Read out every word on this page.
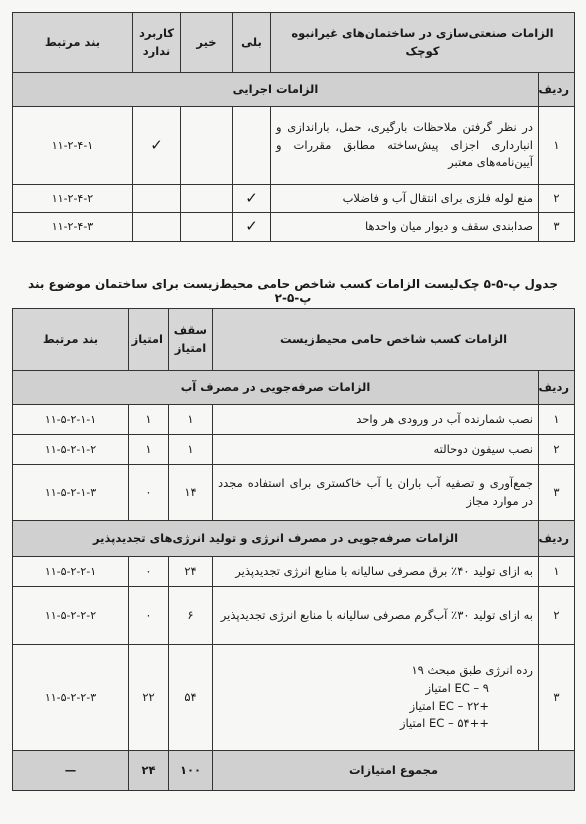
الزامات صنعتی‌سازی در ساختمان‌های غیرانبوه کوچک		بلی	خیر	کاربرد ندارد	بند مرتبط
ردیف	الزامات اجرایی				
۱	در نظر گرفتن ملاحظات بارگیری، حمل، باراندازی و انبارداری اجزای پیش‌ساخته مطابق مقررات و آیین‌نامه‌های معتبر			✓	۱۱-۲-۴-۱
۲	منع لوله فلزی برای انتقال آب و فاضلاب	✓			۱۱-۲-۴-۲
۳	صدابندی سقف و دیوار میان واحدها	✓			۱۱-۲-۴-۳
جدول پ-۵-۵ چک‌لیست الزامات کسب شاخص حامی محیط‌زیست برای ساختمان موضوع بند پ-۵-۲
الزامات کسب شاخص حامی محیط‌زیست		سقف امتیاز	امتیاز	بند مرتبط
ردیف	الزامات صرفه‌جویی در مصرف آب			
۱	نصب شمارنده آب در ورودی هر واحد	۱	۱	۱۱-۵-۲-۱-۱
۲	نصب سیفون دوحالته	۱	۱	۱۱-۵-۲-۱-۲
۳	جمع‌آوری و تصفیه آب باران یا آب خاکستری برای استفاده مجدد در موارد مجاز	۱۴	۰	۱۱-۵-۲-۱-۳
ردیف	الزامات صرفه‌جویی در مصرف انرژی و تولید انرژی‌های تجدیدپذیر			
۱	به ازای تولید ۴۰٪ برق مصرفی سالیانه با منابع انرژی تجدیدپذیر	۲۴	۰	۱۱-۵-۲-۲-۱
۲	به ازای تولید ۳۰٪ آب‌گرم مصرفی سالیانه با منابع انرژی تجدیدپذیر	۶	۰	۱۱-۵-۲-۲-۲
۳	رده انرژی طبق مبحث ۱۹
EC – ۹ امتیاز
+EC – ۲۲ امتیاز
++EC – ۵۴ امتیاز	۵۴	۲۲	۱۱-۵-۲-۲-۳
مجموع امتیازات		۱۰۰	۲۴	—
